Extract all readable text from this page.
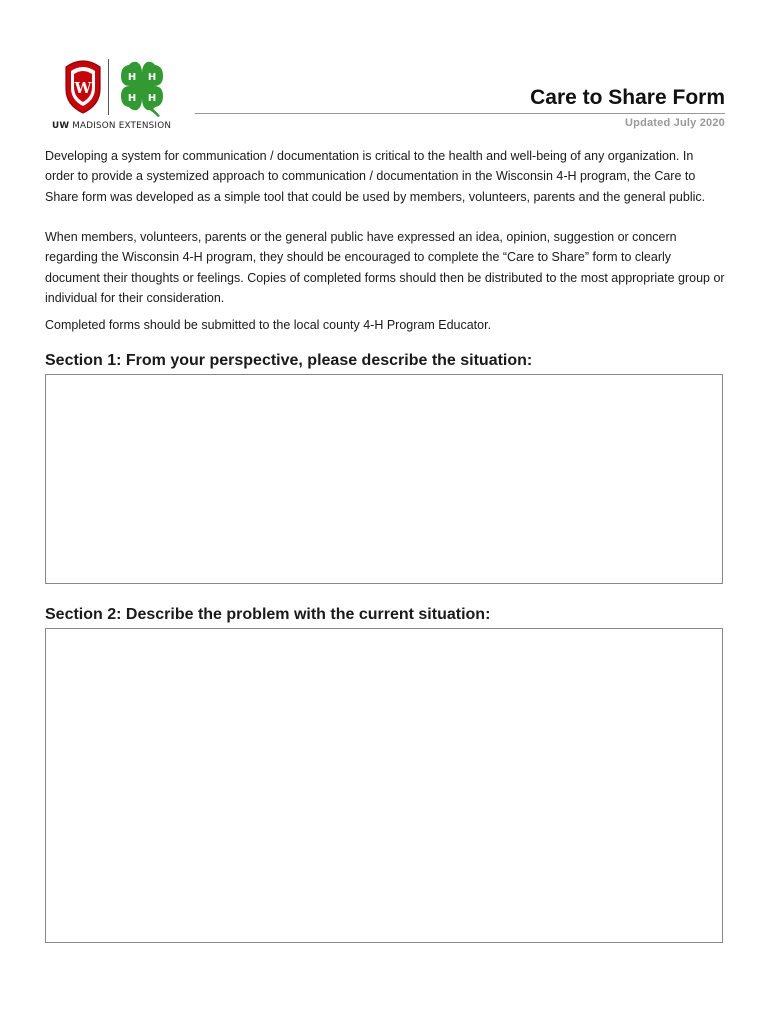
W
H H
H H
UW MADISON EXTENSION
Care to Share Form
Updated July 2020

Developing a system for communication / documentation is critical to the health and well-being of any organization. In order to provide a systemized approach to communication / documentation in the Wisconsin 4-H program, the Care to Share form was developed as a simple tool that could be used by members, volunteers, parents and the general public.

When members, volunteers, parents or the general public have expressed an idea, opinion, suggestion or concern regarding the Wisconsin 4-H program, they should be encouraged to complete the “Care to Share” form to clearly document their thoughts or feelings. Copies of completed forms should then be distributed to the most appropriate group or individual for their consideration.

Completed forms should be submitted to the local county 4-H Program Educator.

Section 1: From your perspective, please describe the situation:
Section 2: Describe the problem with the current situation:
